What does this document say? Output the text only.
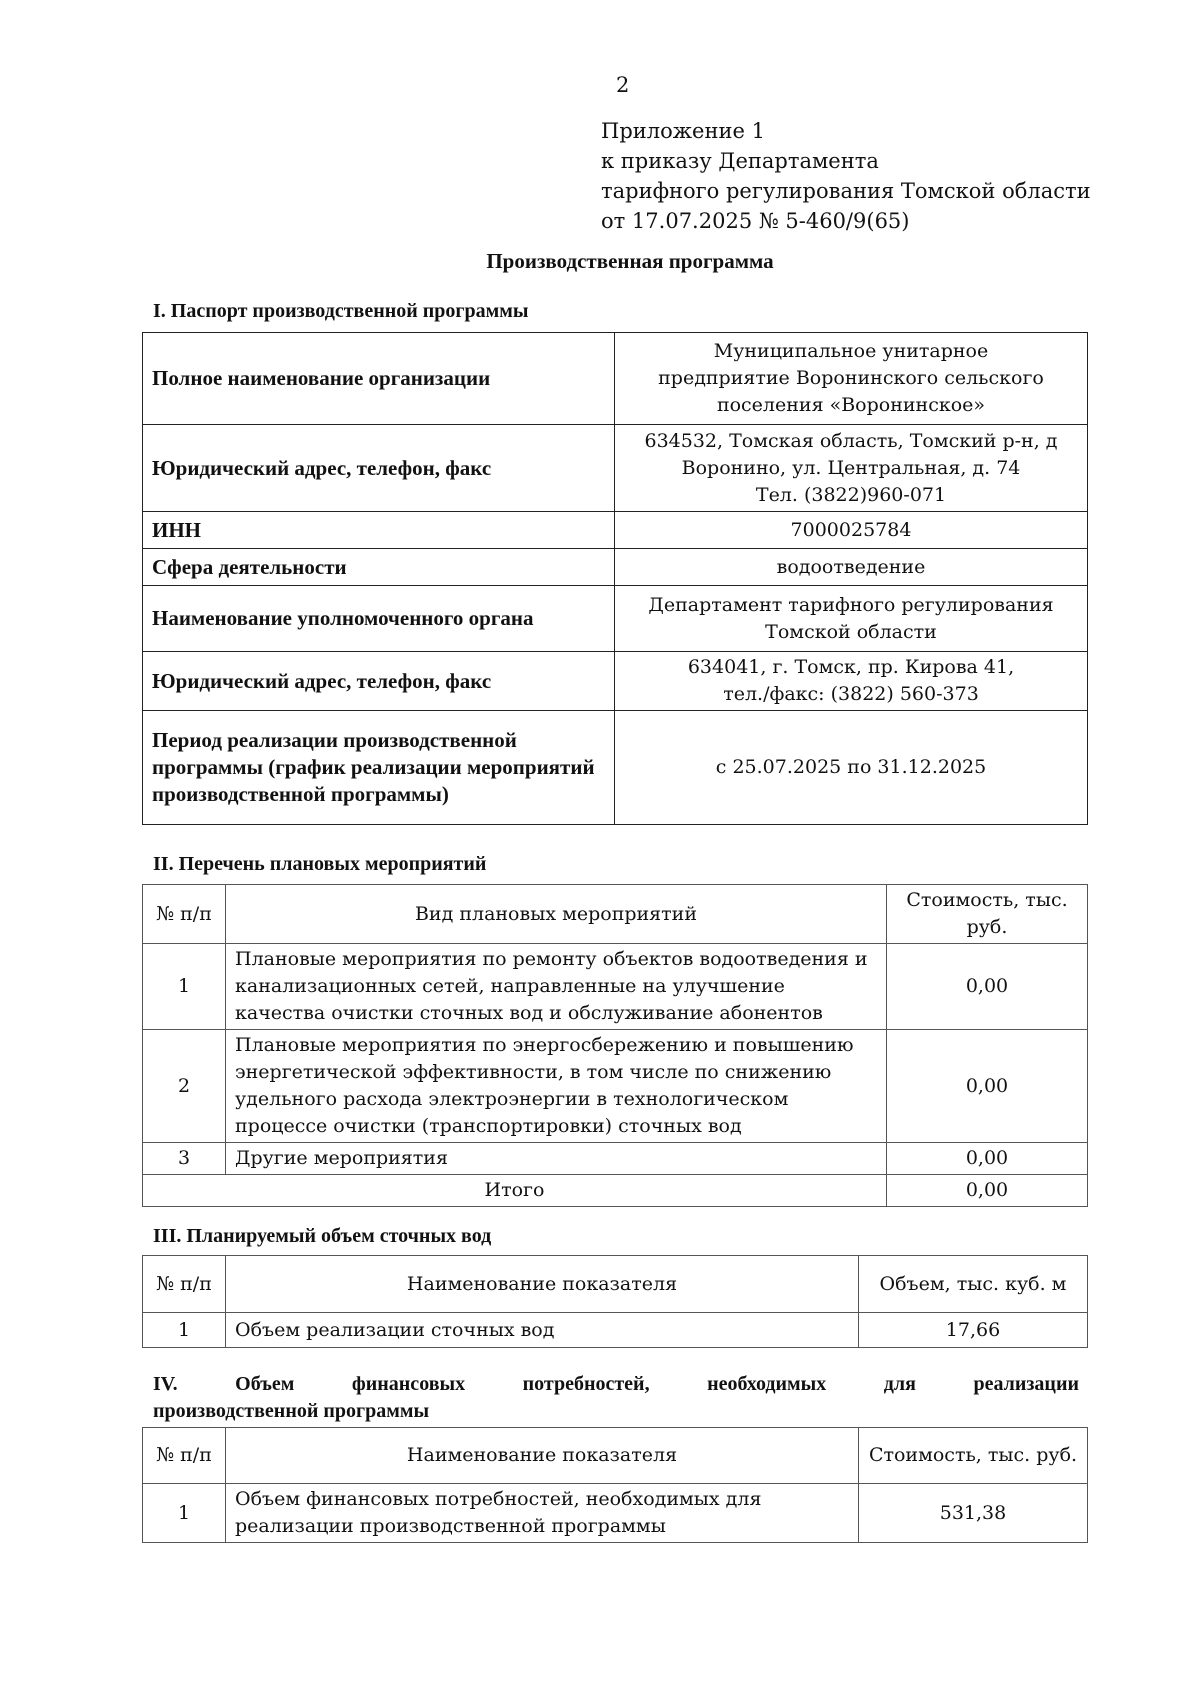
2
Приложение 1
к приказу Департамента
тарифного регулирования Томской области
от 17.07.2025 № 5-460/9(65)
Производственная программа
I. Паспорт производственной программы
Полное наименование организации	Муниципальное унитарное
предприятие Воронинского сельского
поселения «Воронинское»

Юридический адрес, телефон, факс	634532, Томская область, Томский р-н, д
Воронино, ул. Центральная, д. 74
Тел. (3822)960-071

ИНН	7000025784
Сфера деятельности	водоотведение
Наименование уполномоченного органа	Департамент тарифного регулирования
Томской области

Юридический адрес, телефон, факс	634041, г. Томск, пр. Кирова 41,
тел./факс: (3822) 560-373

Период реализации производственной программы (график реализации мероприятий производственной программы)	с 25.07.2025 по 31.12.2025
II. Перечень плановых мероприятий
№ п/п	Вид плановых мероприятий	Стоимость, тыс. руб.
1	Плановые мероприятия по ремонту объектов водоотведения и канализационных сетей, направленные на улучшение качества очистки сточных вод и обслуживание абонентов	0,00
2	Плановые мероприятия по энергосбережению и повышению энергетической эффективности, в том числе по снижению удельного расхода электроэнергии в технологическом процессе очистки (транспортировки) сточных вод	0,00
3	Другие мероприятия	0,00
Итого		0,00
III. Планируемый объем сточных вод
№ п/п	Наименование показателя	Объем, тыс. куб. м
1	Объем реализации сточных вод	17,66
IV. Объем финансовых потребностей, необходимых для реализации
производственной программы
№ п/п	Наименование показателя	Стоимость, тыс. руб.
1	Объем финансовых потребностей, необходимых для реализации производственной программы	531,38
